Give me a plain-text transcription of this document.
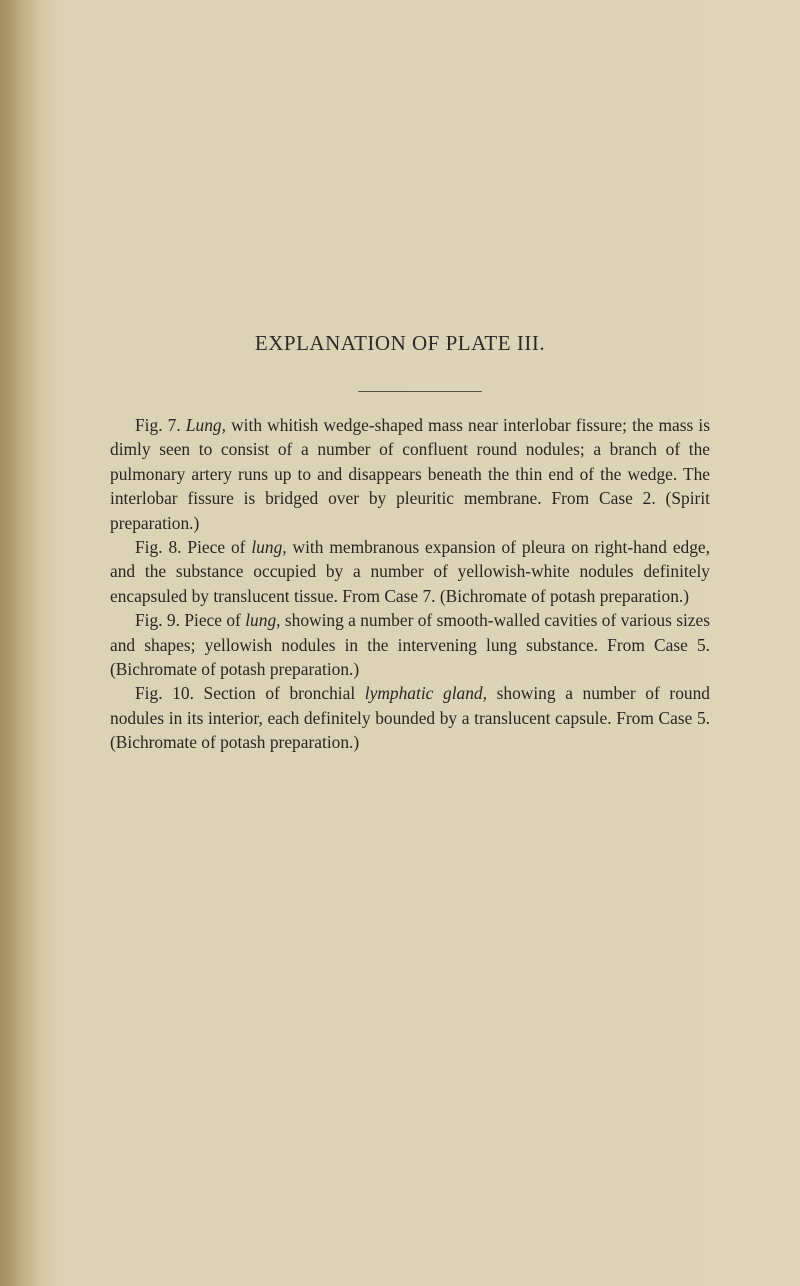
EXPLANATION OF PLATE III.

Fig. 7. Lung, with whitish wedge-shaped mass near interlobar fissure; the mass is dimly seen to consist of a number of confluent round nodules; a branch of the pulmonary artery runs up to and disappears beneath the thin end of the wedge. The interlobar fissure is bridged over by pleuritic membrane. From Case 2. (Spirit preparation.)

Fig. 8. Piece of lung, with membranous expansion of pleura on right-hand edge, and the substance occupied by a number of yellowish-white nodules definitely encapsuled by translucent tissue. From Case 7. (Bichromate of potash preparation.)

Fig. 9. Piece of lung, showing a number of smooth-walled cavities of various sizes and shapes; yellowish nodules in the intervening lung substance. From Case 5. (Bichromate of potash preparation.)

Fig. 10. Section of bronchial lymphatic gland, showing a number of round nodules in its interior, each definitely bounded by a translucent capsule. From Case 5. (Bichromate of potash preparation.)
